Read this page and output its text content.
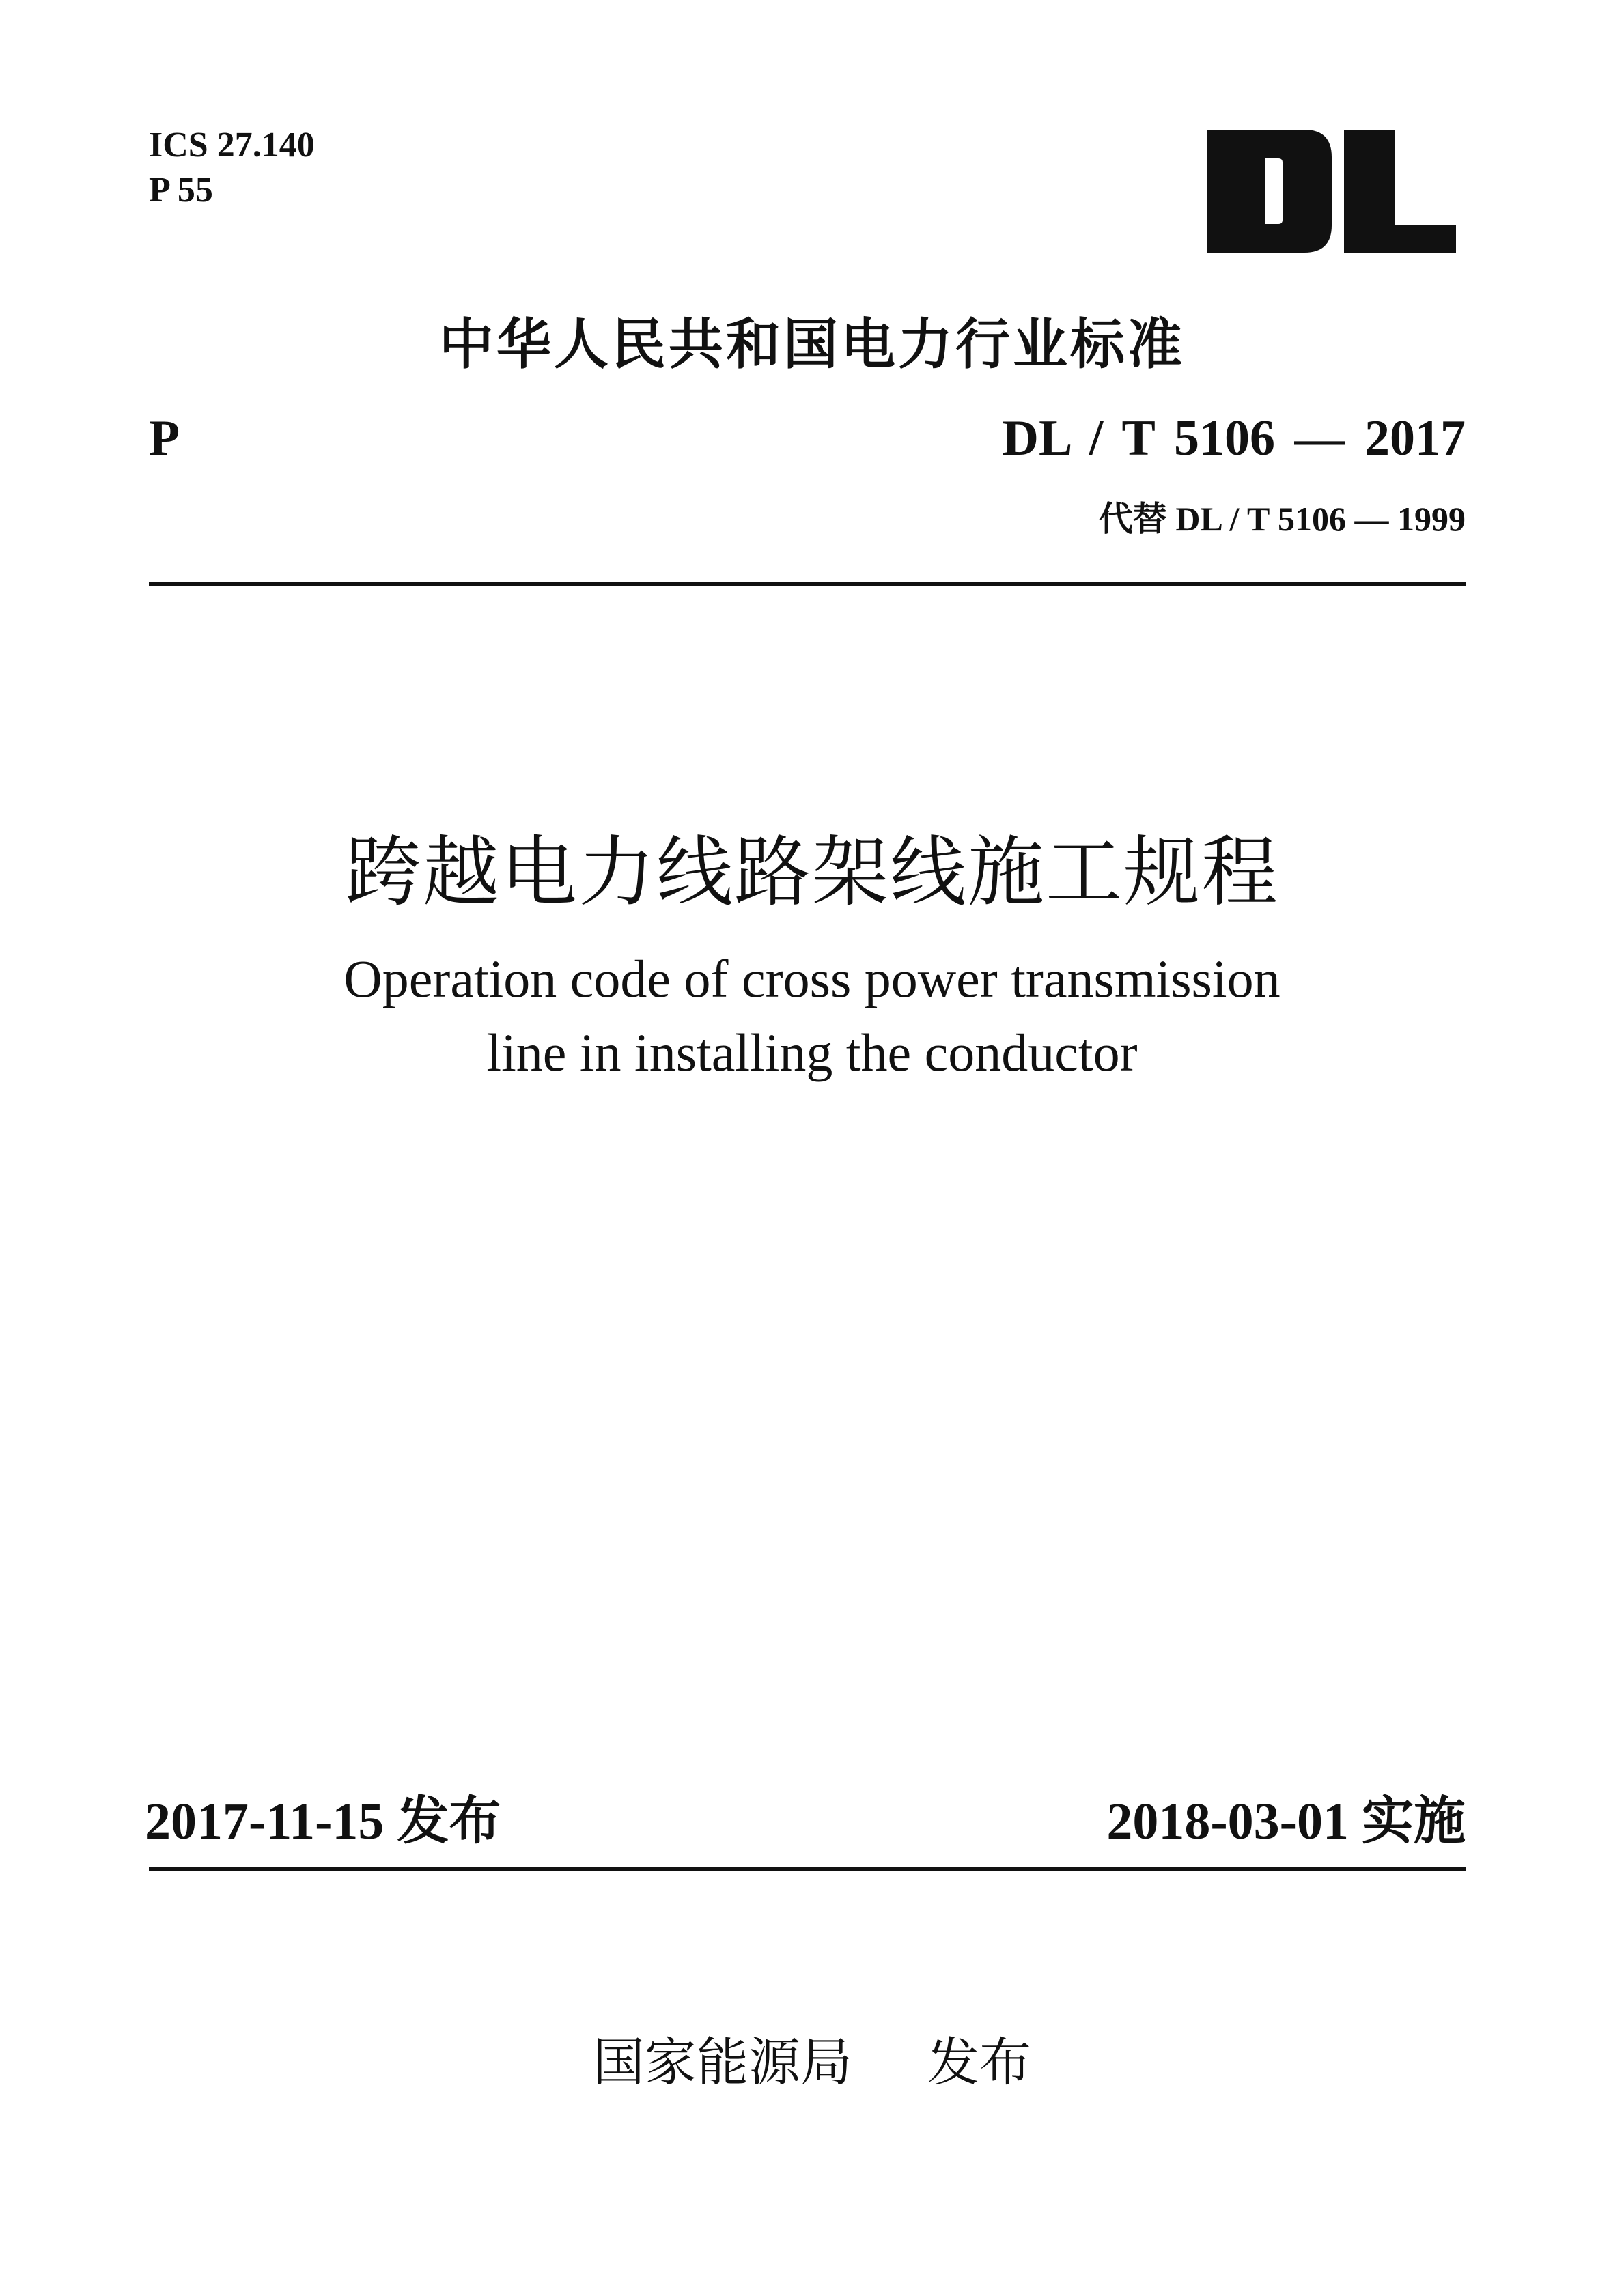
ICS 27.140
P 55
中华人民共和国电力行业标准
P	DL / T 5106 — 2017
代替 DL / T 5106 — 1999
跨越电力线路架线施工规程
Operation code of cross power transmission
line in installing the conductor
2017-11-15 发布	2018-03-01 实施
国家能源局 发布
